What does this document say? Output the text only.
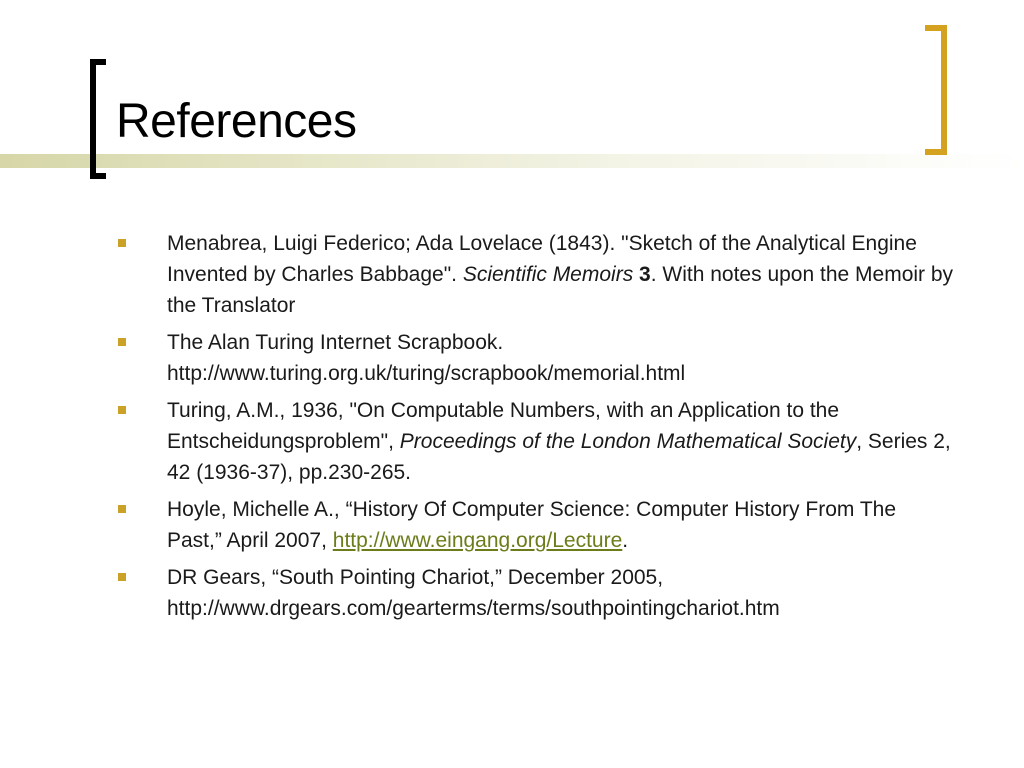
References
Menabrea, Luigi Federico; Ada Lovelace (1843). "Sketch of the Analytical Engine Invented by Charles Babbage". Scientific Memoirs 3. With notes upon the Memoir by the Translator
The Alan Turing Internet Scrapbook.
http://www.turing.org.uk/turing/scrapbook/memorial.html
Turing, A.M., 1936, "On Computable Numbers, with an Application to the Entscheidungsproblem", Proceedings of the London Mathematical Society, Series 2, 42 (1936-37), pp.230-265.
Hoyle, Michelle A., “History Of Computer Science: Computer History From The Past,” April 2007, http://www.eingang.org/Lecture.
DR Gears, “South Pointing Chariot,” December 2005,
http://www.drgears.com/gearterms/terms/southpointingchariot.htm
